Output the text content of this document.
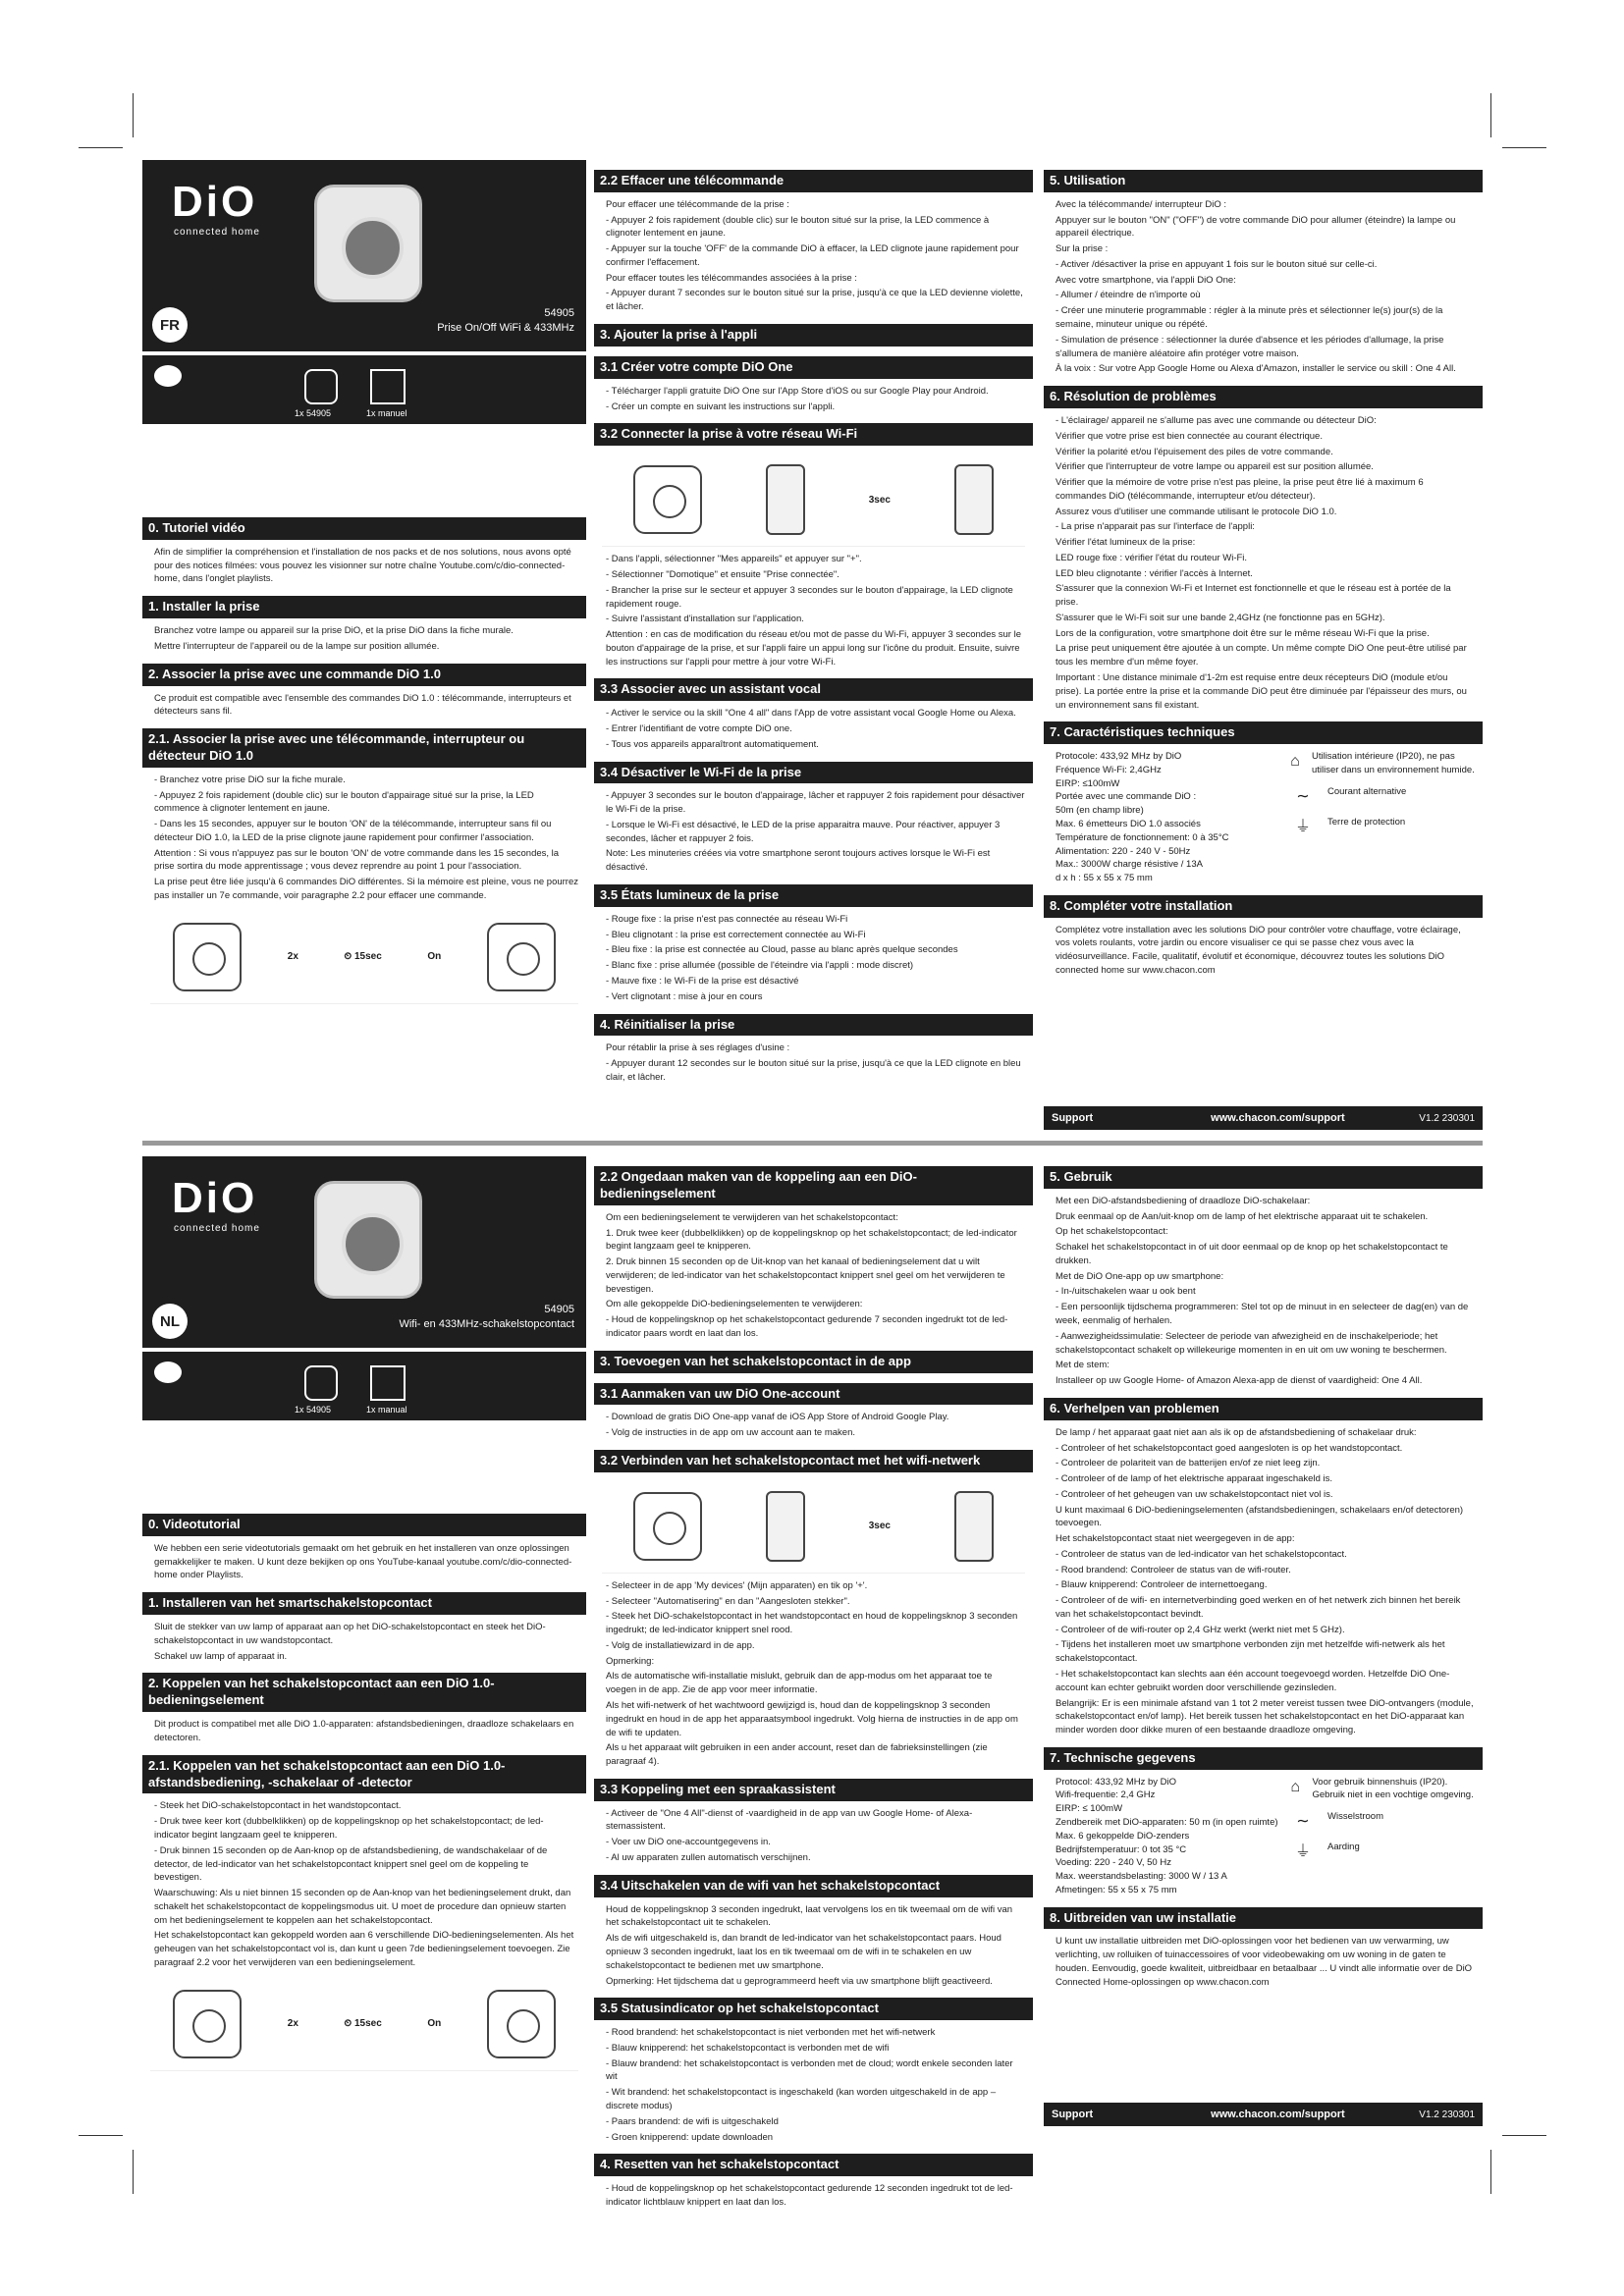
DiO
connected home
FR
54905
Prise On/Off WiFi & 433MHz
1x 54905	1x manuel
0. Tutoriel vidéo

Afin de simplifier la compréhension et l'installation de nos packs et de nos solutions, nous avons opté pour des notices filmées: vous pouvez les visionner sur notre chaîne Youtube.com/c/dio-connected-home, dans l'onglet playlists.

1. Installer la prise

Branchez votre lampe ou appareil sur la prise DiO, et la prise DiO dans la fiche murale.

Mettre l'interrupteur de l'appareil ou de la lampe sur position allumée.

2. Associer la prise avec une commande DiO 1.0

Ce produit est compatible avec l'ensemble des commandes DiO 1.0 : télécommande, interrupteurs et détecteurs sans fil.

2.1. Associer la prise avec une télécommande, interrupteur ou détecteur DiO 1.0

- Branchez votre prise DiO sur la fiche murale.

- Appuyez 2 fois rapidement (double clic) sur le bouton d'appairage situé sur la prise, la LED commence à clignoter lentement en jaune.

- Dans les 15 secondes, appuyer sur le bouton 'ON' de la télécommande, interrupteur sans fil ou détecteur DiO 1.0, la LED de la prise clignote jaune rapidement pour confirmer l'association.

Attention : Si vous n'appuyez pas sur le bouton 'ON' de votre commande dans les 15 secondes, la prise sortira du mode apprentissage ; vous devez reprendre au point 1 pour l'association.

La prise peut être liée jusqu'à 6 commandes DiO différentes. Si la mémoire est pleine, vous ne pourrez pas installer un 7e commande, voir paragraphe 2.2 pour effacer une commande.

2x	⏲ 15sec	On
2.2 Effacer une télécommande

Pour effacer une télécommande de la prise :

- Appuyer 2 fois rapidement (double clic) sur le bouton situé sur la prise, la LED commence à clignoter lentement en jaune.

- Appuyer sur la touche 'OFF' de la commande DiO à effacer, la LED clignote jaune rapidement pour confirmer l'effacement.

Pour effacer toutes les télécommandes associées à la prise :

- Appuyer durant 7 secondes sur le bouton situé sur la prise, jusqu'à ce que la LED devienne violette, et lâcher.

3. Ajouter la prise à l'appli
3.1 Créer votre compte DiO One

- Télécharger l'appli gratuite DiO One sur l'App Store d'iOS ou sur Google Play pour Android.

- Créer un compte en suivant les instructions sur l'appli.

3.2 Connecter la prise à votre réseau Wi-Fi
3sec

- Dans l'appli, sélectionner "Mes appareils" et appuyer sur "+".

- Sélectionner "Domotique" et ensuite "Prise connectée".

- Brancher la prise sur le secteur et appuyer 3 secondes sur le bouton d'appairage, la LED clignote rapidement rouge.

- Suivre l'assistant d'installation sur l'application.

Attention : en cas de modification du réseau et/ou mot de passe du Wi-Fi, appuyer 3 secondes sur le bouton d'appairage de la prise, et sur l'appli faire un appui long sur l'icône du produit. Ensuite, suivre les instructions sur l'appli pour mettre à jour votre Wi-Fi.

3.3 Associer avec un assistant vocal

- Activer le service ou la skill "One 4 all" dans l'App de votre assistant vocal Google Home ou Alexa.

- Entrer l'identifiant de votre compte DiO one.

- Tous vos appareils apparaîtront automatiquement.

3.4 Désactiver le Wi-Fi de la prise

- Appuyer 3 secondes sur le bouton d'appairage, lâcher et rappuyer 2 fois rapidement pour désactiver le Wi-Fi de la prise.

- Lorsque le Wi-Fi est désactivé, le LED de la prise apparaitra mauve. Pour réactiver, appuyer 3 secondes, lâcher et rappuyer 2 fois.

Note: Les minuteries créées via votre smartphone seront toujours actives lorsque le Wi-Fi est désactivé.

3.5 États lumineux de la prise

- Rouge fixe : la prise n'est pas connectée au réseau Wi-Fi

- Bleu clignotant : la prise est correctement connectée au Wi-Fi

- Bleu fixe : la prise est connectée au Cloud, passe au blanc après quelque secondes

- Blanc fixe : prise allumée (possible de l'éteindre via l'appli : mode discret)

- Mauve fixe : le Wi-Fi de la prise est désactivé

- Vert clignotant : mise à jour en cours

4. Réinitialiser la prise

Pour rétablir la prise à ses réglages d'usine :

- Appuyer durant 12 secondes sur le bouton situé sur la prise, jusqu'à ce que la LED clignote en bleu clair, et lâcher.

5. Utilisation

Avec la télécommande/ interrupteur DiO :

Appuyer sur le bouton "ON" ("OFF") de votre commande DiO pour allumer (éteindre) la lampe ou appareil électrique.

Sur la prise :

- Activer /désactiver la prise en appuyant 1 fois sur le bouton situé sur celle-ci.

Avec votre smartphone, via l'appli DiO One:

- Allumer / éteindre de n'importe où

- Créer une minuterie programmable : régler à la minute près et sélectionner le(s) jour(s) de la semaine, minuteur unique ou répété.

- Simulation de présence : sélectionner la durée d'absence et les périodes d'allumage, la prise s'allumera de manière aléatoire afin protéger votre maison.

À la voix : Sur votre App Google Home ou Alexa d'Amazon, installer le service ou skill : One 4 All.

6. Résolution de problèmes

- L'éclairage/ appareil ne s'allume pas avec une commande ou détecteur DiO:

Vérifier que votre prise est bien connectée au courant électrique.

Vérifier la polarité et/ou l'épuisement des piles de votre commande.

Vérifier que l'interrupteur de votre lampe ou appareil est sur position allumée.

Vérifier que la mémoire de votre prise n'est pas pleine, la prise peut être lié à maximum 6 commandes DiO (télécommande, interrupteur et/ou détecteur).

Assurez vous d'utiliser une commande utilisant le protocole DiO 1.0.

- La prise n'apparait pas sur l'interface de l'appli:

Vérifier l'état lumineux de la prise:

LED rouge fixe : vérifier l'état du routeur Wi-Fi.

LED bleu clignotante : vérifier l'accès à Internet.

S'assurer que la connexion Wi-Fi et Internet est fonctionnelle et que le réseau est à portée de la prise.

S'assurer que le Wi-Fi soit sur une bande 2,4GHz (ne fonctionne pas en 5GHz).

Lors de la configuration, votre smartphone doit être sur le même réseau Wi-Fi que la prise.

La prise peut uniquement être ajoutée à un compte. Un même compte DiO One peut-être utilisé par tous les membre d'un même foyer.

Important : Une distance minimale d'1-2m est requise entre deux récepteurs DiO (module et/ou prise). La portée entre la prise et la commande DiO peut être diminuée par l'épaisseur des murs, ou un environnement sans fil existant.

7. Caractéristiques techniques
Protocole: 433,92 MHz by DiO
Fréquence Wi-Fi: 2,4GHz
EIRP: ≤100mW
Portée avec une commande DiO :
50m (en champ libre)
Max. 6 émetteurs DiO 1.0 associés
Température de fonctionnement: 0 à 35°C
Alimentation: 220 - 240 V - 50Hz
Max.: 3000W charge résistive / 13A
d x h : 55 x 55 x 75 mm
⌂	Utilisation intérieure (IP20), ne pas utiliser dans un environnement humide.
∼	Courant alternative
⏚	Terre de protection
8. Compléter votre installation

Complétez votre installation avec les solutions DiO pour contrôler votre chauffage, votre éclairage, vos volets roulants, votre jardin ou encore visualiser ce qui se passe chez vous avec la vidéosurveillance. Facile, qualitatif, évolutif et économique, découvrez toutes les solutions DiO connected home sur www.chacon.com

Support	www.chacon.com/support	V1.2 230301
DiO
connected home
NL
54905
Wifi- en 433MHz-schakelstopcontact
1x 54905	1x manual
0. Videotutorial

We hebben een serie videotutorials gemaakt om het gebruik en het installeren van onze oplossingen gemakkelijker te maken. U kunt deze bekijken op ons YouTube-kanaal youtube.com/c/dio-connected-home onder Playlists.

1. Installeren van het smartschakelstopcontact

Sluit de stekker van uw lamp of apparaat aan op het DiO-schakelstopcontact en steek het DiO-schakelstopcontact in uw wandstopcontact.

Schakel uw lamp of apparaat in.

2. Koppelen van het schakelstopcontact aan een DiO 1.0-bedieningselement

Dit product is compatibel met alle DiO 1.0-apparaten: afstandsbedieningen, draadloze schakelaars en detectoren.

2.1. Koppelen van het schakelstopcontact aan een DiO 1.0-afstandsbediening, -schakelaar of -detector

- Steek het DiO-schakelstopcontact in het wandstopcontact.

- Druk twee keer kort (dubbelklikken) op de koppelingsknop op het schakelstopcontact; de led-indicator begint langzaam geel te knipperen.

- Druk binnen 15 seconden op de Aan-knop op de afstandsbediening, de wandschakelaar of de detector, de led-indicator van het schakelstopcontact knippert snel geel om de koppeling te bevestigen.

Waarschuwing: Als u niet binnen 15 seconden op de Aan-knop van het bedieningselement drukt, dan schakelt het schakelstopcontact de koppelingsmodus uit. U moet de procedure dan opnieuw starten om het bedieningselement te koppelen aan het schakelstopcontact.

Het schakelstopcontact kan gekoppeld worden aan 6 verschillende DiO-bedieningselementen. Als het geheugen van het schakelstopcontact vol is, dan kunt u geen 7de bedieningselement toevoegen. Zie paragraaf 2.2 voor het verwijderen van een bedieningselement.

2x	⏲ 15sec	On
2.2 Ongedaan maken van de koppeling aan een DiO-bedieningselement

Om een bedieningselement te verwijderen van het schakelstopcontact:

1. Druk twee keer (dubbelklikken) op de koppelingsknop op het schakelstopcontact; de led-indicator begint langzaam geel te knipperen.

2. Druk binnen 15 seconden op de Uit-knop van het kanaal of bedieningselement dat u wilt verwijderen; de led-indicator van het schakelstopcontact knippert snel geel om het verwijderen te bevestigen.

Om alle gekoppelde DiO-bedieningselementen te verwijderen:

- Houd de koppelingsknop op het schakelstopcontact gedurende 7 seconden ingedrukt tot de led-indicator paars wordt en laat dan los.

3. Toevoegen van het schakelstopcontact in de app
3.1 Aanmaken van uw DiO One-account

- Download de gratis DiO One-app vanaf de iOS App Store of Android Google Play.

- Volg de instructies in de app om uw account aan te maken.

3.2 Verbinden van het schakelstopcontact met het wifi-netwerk
3sec

- Selecteer in de app 'My devices' (Mijn apparaten) en tik op '+'.

- Selecteer "Automatisering" en dan "Aangesloten stekker".

- Steek het DiO-schakelstopcontact in het wandstopcontact en houd de koppelingsknop 3 seconden ingedrukt; de led-indicator knippert snel rood.

- Volg de installatiewizard in de app.

Opmerking:

Als de automatische wifi-installatie mislukt, gebruik dan de app-modus om het apparaat toe te voegen in de app. Zie de app voor meer informatie.

Als het wifi-netwerk of het wachtwoord gewijzigd is, houd dan de koppelingsknop 3 seconden ingedrukt en houd in de app het apparaatsymbool ingedrukt. Volg hierna de instructies in de app om de wifi te updaten.

Als u het apparaat wilt gebruiken in een ander account, reset dan de fabrieksinstellingen (zie paragraaf 4).

3.3 Koppeling met een spraakassistent

- Activeer de "One 4 All"-dienst of -vaardigheid in de app van uw Google Home- of Alexa-stemassistent.

- Voer uw DiO one-accountgegevens in.

- Al uw apparaten zullen automatisch verschijnen.

3.4 Uitschakelen van de wifi van het schakelstopcontact

Houd de koppelingsknop 3 seconden ingedrukt, laat vervolgens los en tik tweemaal om de wifi van het schakelstopcontact uit te schakelen.

Als de wifi uitgeschakeld is, dan brandt de led-indicator van het schakelstopcontact paars. Houd opnieuw 3 seconden ingedrukt, laat los en tik tweemaal om de wifi in te schakelen en uw schakelstopcontact te bedienen met uw smartphone.

Opmerking: Het tijdschema dat u geprogrammeerd heeft via uw smartphone blijft geactiveerd.

3.5 Statusindicator op het schakelstopcontact

- Rood brandend: het schakelstopcontact is niet verbonden met het wifi-netwerk

- Blauw knipperend: het schakelstopcontact is verbonden met de wifi

- Blauw brandend: het schakelstopcontact is verbonden met de cloud; wordt enkele seconden later wit

- Wit brandend: het schakelstopcontact is ingeschakeld (kan worden uitgeschakeld in de app – discrete modus)

- Paars brandend: de wifi is uitgeschakeld

- Groen knipperend: update downloaden

4. Resetten van het schakelstopcontact

- Houd de koppelingsknop op het schakelstopcontact gedurende 12 seconden ingedrukt tot de led-indicator lichtblauw knippert en laat dan los.

5. Gebruik

Met een DiO-afstandsbediening of draadloze DiO-schakelaar:

Druk eenmaal op de Aan/uit-knop om de lamp of het elektrische apparaat uit te schakelen.

Op het schakelstopcontact:

Schakel het schakelstopcontact in of uit door eenmaal op de knop op het schakelstopcontact te drukken.

Met de DiO One-app op uw smartphone:

- In-/uitschakelen waar u ook bent

- Een persoonlijk tijdschema programmeren: Stel tot op de minuut in en selecteer de dag(en) van de week, eenmalig of herhalen.

- Aanwezigheidssimulatie: Selecteer de periode van afwezigheid en de inschakelperiode; het schakelstopcontact schakelt op willekeurige momenten in en uit om uw woning te beschermen.

Met de stem:

Installeer op uw Google Home- of Amazon Alexa-app de dienst of vaardigheid: One 4 All.

6. Verhelpen van problemen

De lamp / het apparaat gaat niet aan als ik op de afstandsbediening of schakelaar druk:

- Controleer of het schakelstopcontact goed aangesloten is op het wandstopcontact.

- Controleer de polariteit van de batterijen en/of ze niet leeg zijn.

- Controleer of de lamp of het elektrische apparaat ingeschakeld is.

- Controleer of het geheugen van uw schakelstopcontact niet vol is.

U kunt maximaal 6 DiO-bedieningselementen (afstandsbedieningen, schakelaars en/of detectoren) toevoegen.

Het schakelstopcontact staat niet weergegeven in de app:

- Controleer de status van de led-indicator van het schakelstopcontact.

- Rood brandend: Controleer de status van de wifi-router.

- Blauw knipperend: Controleer de internettoegang.

- Controleer of de wifi- en internetverbinding goed werken en of het netwerk zich binnen het bereik van het schakelstopcontact bevindt.

- Controleer of de wifi-router op 2,4 GHz werkt (werkt niet met 5 GHz).

- Tijdens het installeren moet uw smartphone verbonden zijn met hetzelfde wifi-netwerk als het schakelstopcontact.

- Het schakelstopcontact kan slechts aan één account toegevoegd worden. Hetzelfde DiO One-account kan echter gebruikt worden door verschillende gezinsleden.

Belangrijk: Er is een minimale afstand van 1 tot 2 meter vereist tussen twee DiO-ontvangers (module, schakelstopcontact en/of lamp). Het bereik tussen het schakelstopcontact en het DiO-apparaat kan minder worden door dikke muren of een bestaande draadloze omgeving.

7. Technische gegevens
Protocol: 433,92 MHz by DiO
Wifi-frequentie: 2,4 GHz
EIRP: ≤ 100mW
Zendbereik met DiO-apparaten: 50 m (in open ruimte)
Max. 6 gekoppelde DiO-zenders
Bedrijfstemperatuur: 0 tot 35 °C
Voeding: 220 - 240 V, 50 Hz
Max. weerstandsbelasting: 3000 W / 13 A
Afmetingen: 55 x 55 x 75 mm
⌂	Voor gebruik binnenshuis (IP20). Gebruik niet in een vochtige omgeving.
∼	Wisselstroom
⏚	Aarding
8. Uitbreiden van uw installatie

U kunt uw installatie uitbreiden met DiO-oplossingen voor het bedienen van uw verwarming, uw verlichting, uw rolluiken of tuinaccessoires of voor videobewaking om uw woning in de gaten te houden. Eenvoudig, goede kwaliteit, uitbreidbaar en betaalbaar ... U vindt alle informatie over de DiO Connected Home-oplossingen op www.chacon.com

Support	www.chacon.com/support	V1.2 230301
